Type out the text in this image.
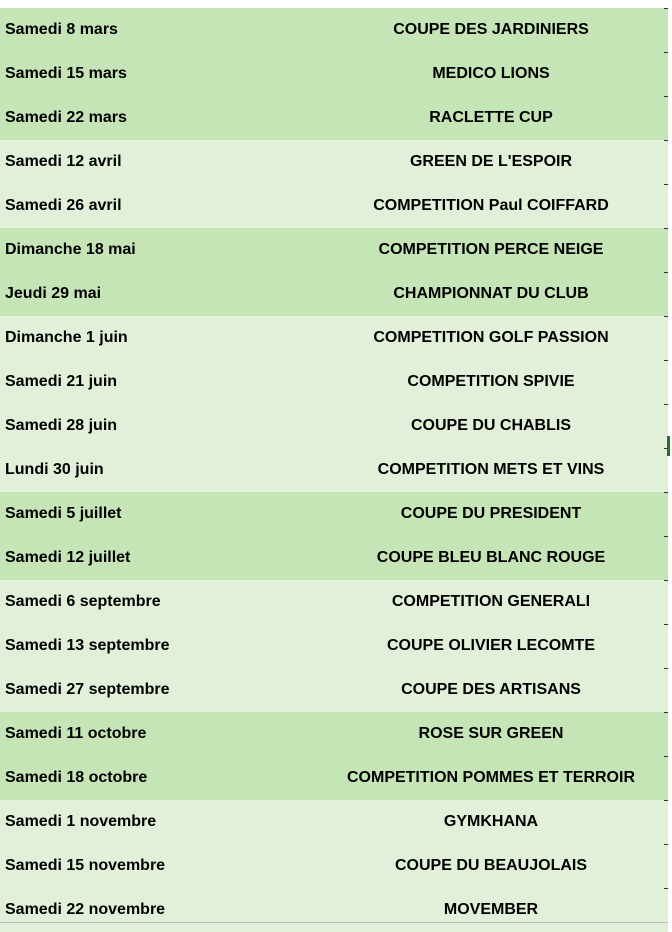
Samedi 8 mars	COUPE DES JARDINIERS
Samedi 15 mars	MEDICO LIONS
Samedi 22 mars	RACLETTE CUP
Samedi 12 avril	GREEN DE L'ESPOIR
Samedi 26 avril	COMPETITION Paul COIFFARD
Dimanche 18 mai	COMPETITION PERCE NEIGE
Jeudi 29 mai	CHAMPIONNAT DU CLUB
Dimanche 1 juin	COMPETITION GOLF PASSION
Samedi 21 juin	COMPETITION SPIVIE
Samedi 28 juin	COUPE DU CHABLIS
Lundi 30 juin	COMPETITION METS ET VINS
Samedi 5 juillet	COUPE DU PRESIDENT
Samedi 12 juillet	COUPE BLEU BLANC ROUGE
Samedi 6 septembre	COMPETITION GENERALI
Samedi 13 septembre	COUPE OLIVIER LECOMTE
Samedi 27 septembre	COUPE DES ARTISANS
Samedi 11 octobre	ROSE SUR GREEN
Samedi 18 octobre	COMPETITION POMMES ET TERROIR
Samedi 1 novembre	GYMKHANA
Samedi 15 novembre	COUPE DU BEAUJOLAIS
Samedi 22 novembre	MOVEMBER
